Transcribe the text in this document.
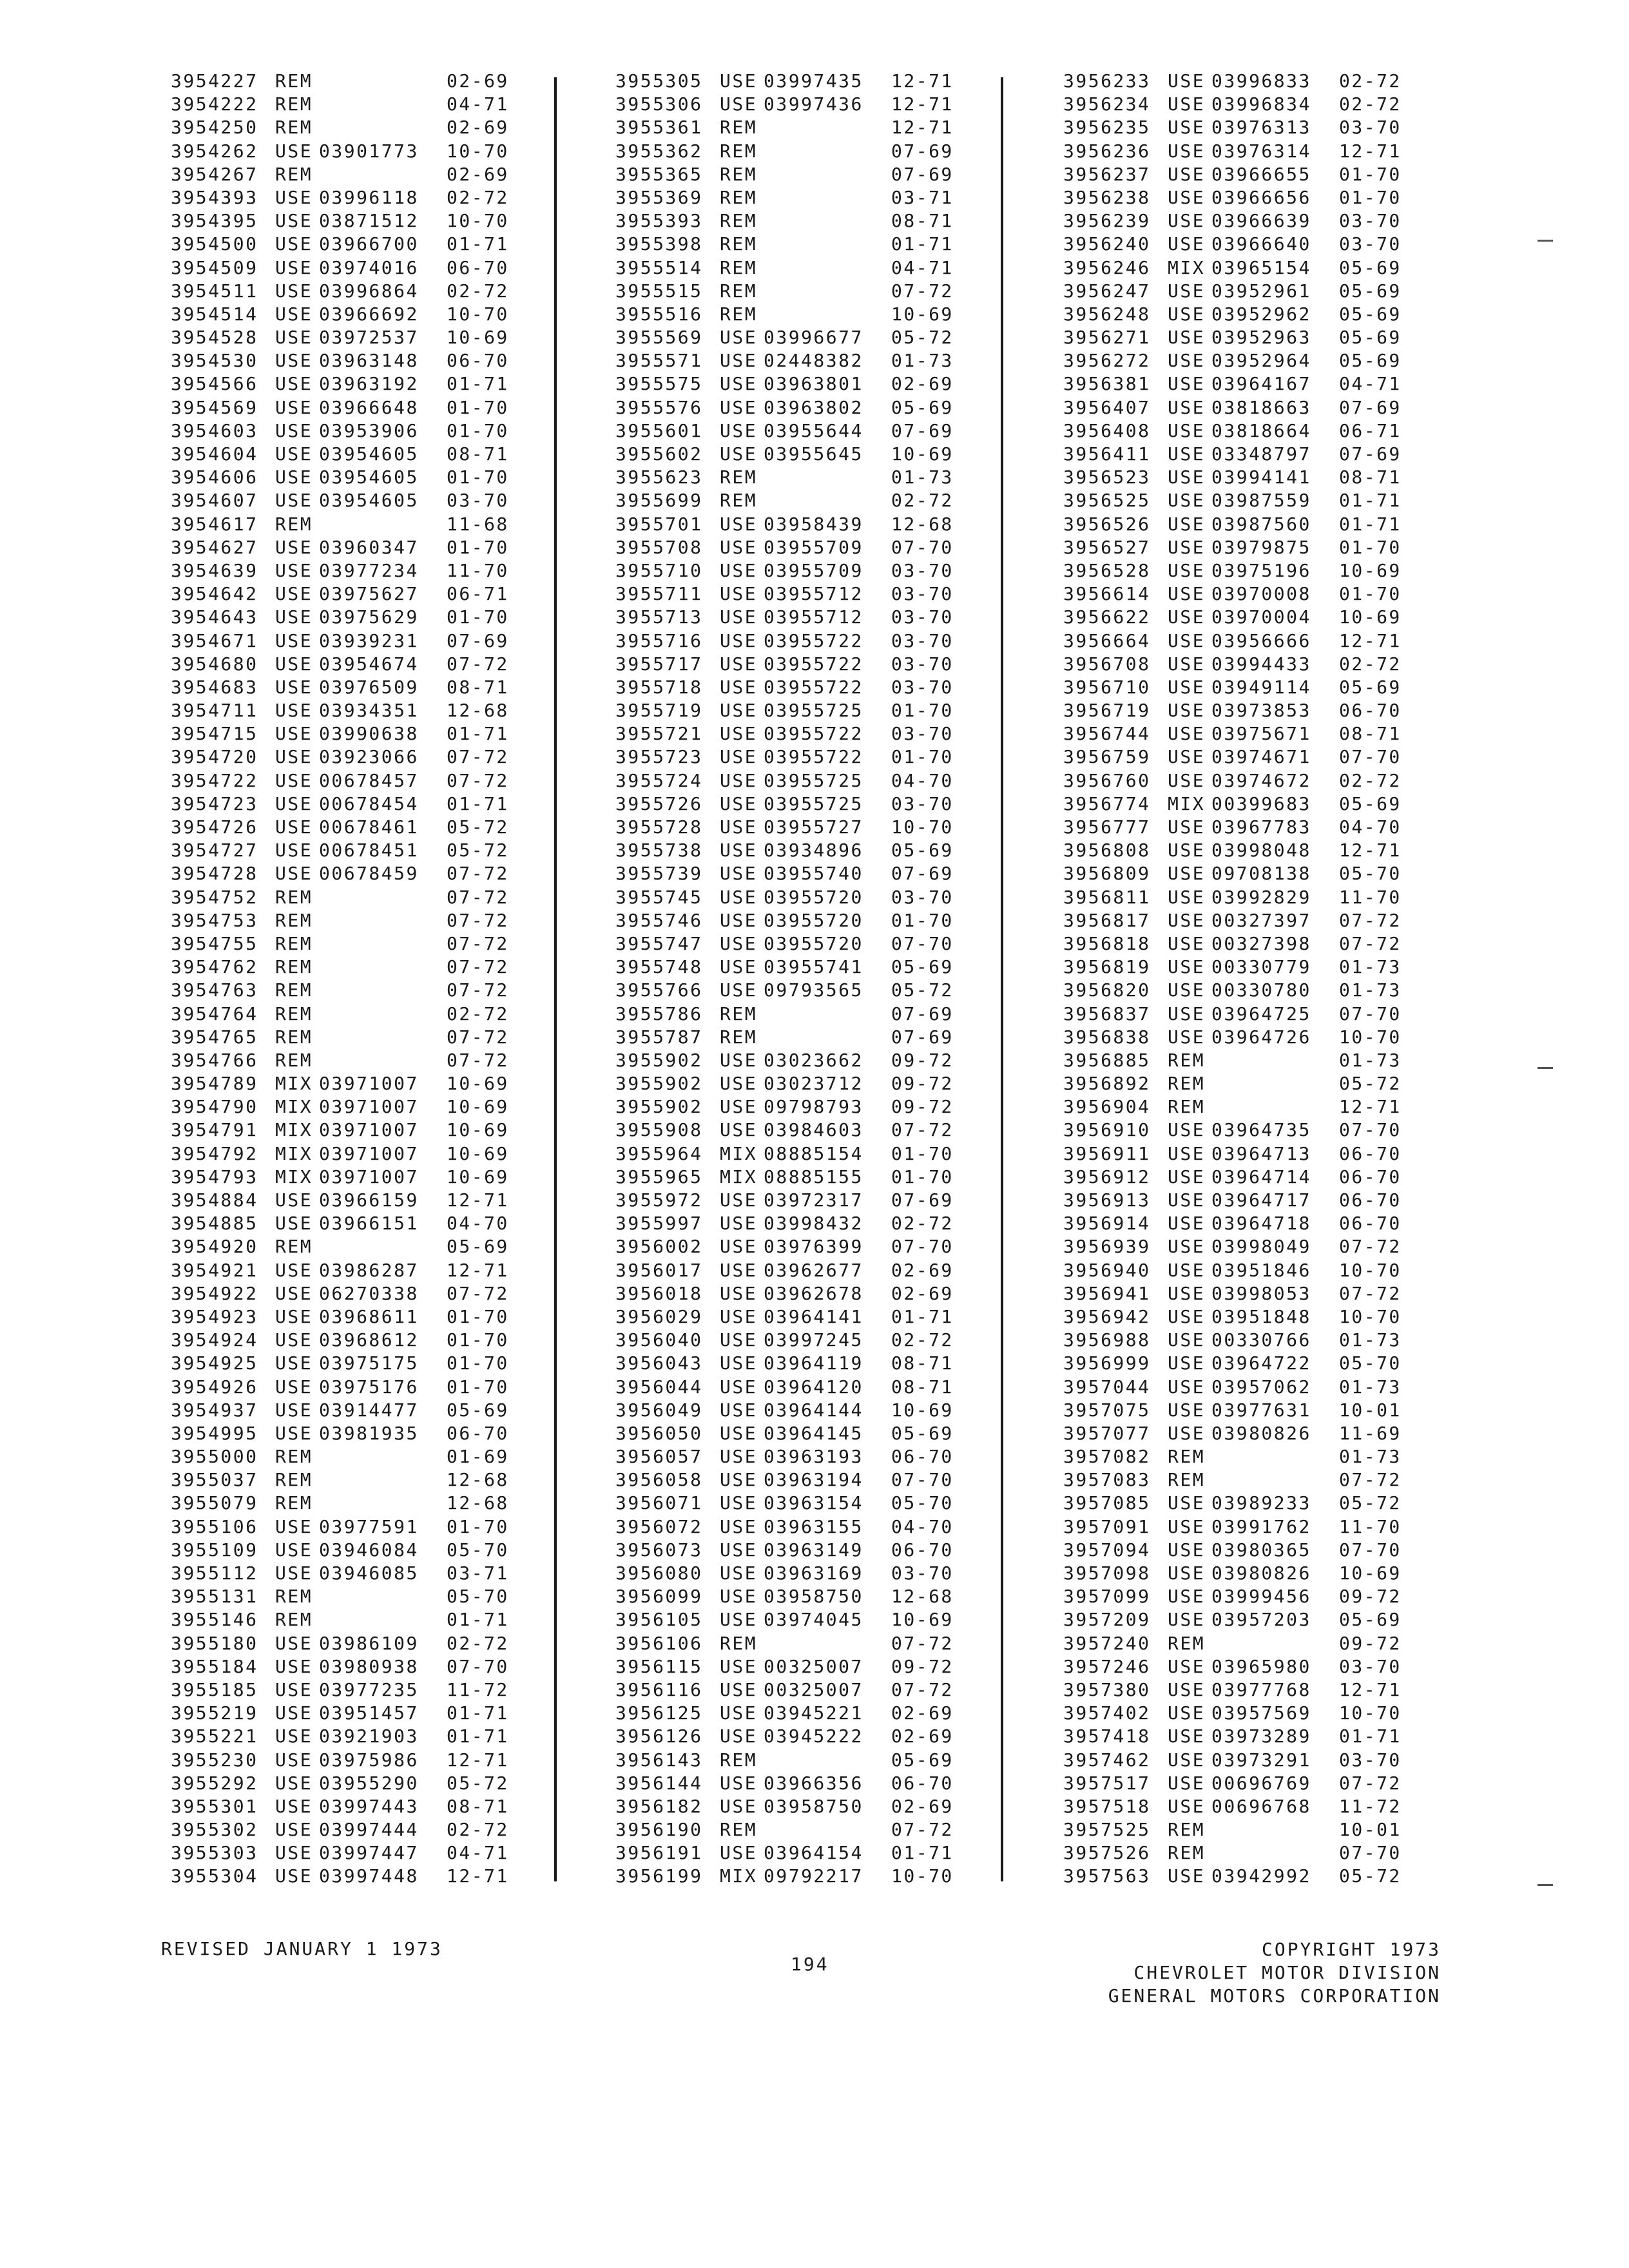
3954227 REM	02-69
3954222 REM	04-71
3954250 REM	02-69
3954262 USE 03901773 10-70
3954267 REM	02-69
3954393 USE 03996118 02-72
3954395 USE 03871512 10-70
3954500 USE 03966700 01-71
3954509 USE 03974016 06-70
3954511 USE 03996864 02-72
3954514 USE 03966692 10-70
3954528 USE 03972537 10-69
3954530 USE 03963148 06-70
3954566 USE 03963192 01-71
3954569 USE 03966648 01-70
3954603 USE 03953906 01-70
3954604 USE 03954605 08-71
3954606 USE 03954605 01-70
3954607 USE 03954605 03-70
3954617 REM	11-68
3954627 USE 03960347 01-70
3954639 USE 03977234 11-70
3954642 USE 03975627 06-71
3954643 USE 03975629 01-70
3954671 USE 03939231 07-69
3954680 USE 03954674 07-72
3954683 USE 03976509 08-71
3954711 USE 03934351 12-68
3954715 USE 03990638 01-71
3954720 USE 03923066 07-72
3954722 USE 00678457 07-72
3954723 USE 00678454 01-71
3954726 USE 00678461 05-72
3954727 USE 00678451 05-72
3954728 USE 00678459 07-72
3954752 REM	07-72
3954753 REM	07-72
3954755 REM	07-72
3954762 REM	07-72
3954763 REM	07-72
3954764 REM	02-72
3954765 REM	07-72
3954766 REM	07-72
3954789 MIX 03971007 10-69
3954790 MIX 03971007 10-69
3954791 MIX 03971007 10-69
3954792 MIX 03971007 10-69
3954793 MIX 03971007 10-69
3954884 USE 03966159 12-71
3954885 USE 03966151 04-70
3954920 REM	05-69
3954921 USE 03986287 12-71
3954922 USE 06270338 07-72
3954923 USE 03968611 01-70
3954924 USE 03968612 01-70
3954925 USE 03975175 01-70
3954926 USE 03975176 01-70
3954937 USE 03914477 05-69
3954995 USE 03981935 06-70
3955000 REM	01-69
3955037 REM	12-68
3955079 REM	12-68
3955106 USE 03977591 01-70
3955109 USE 03946084 05-70
3955112 USE 03946085 03-71
3955131 REM	05-70
3955146 REM	01-71
3955180 USE 03986109 02-72
3955184 USE 03980938 07-70
3955185 USE 03977235 11-72
3955219 USE 03951457 01-71
3955221 USE 03921903 01-71
3955230 USE 03975986 12-71
3955292 USE 03955290 05-72
3955301 USE 03997443 08-71
3955302 USE 03997444 02-72
3955303 USE 03997447 04-71
3955304 USE 03997448 12-71
3955305 USE 03997435 12-71
3955306 USE 03997436 12-71
3955361 REM	12-71
3955362 REM	07-69
3955365 REM	07-69
3955369 REM	03-71
3955393 REM	08-71
3955398 REM	01-71
3955514 REM	04-71
3955515 REM	07-72
3955516 REM	10-69
3955569 USE 03996677 05-72
3955571 USE 02448382 01-73
3955575 USE 03963801 02-69
3955576 USE 03963802 05-69
3955601 USE 03955644 07-69
3955602 USE 03955645 10-69
3955623 REM	01-73
3955699 REM	02-72
3955701 USE 03958439 12-68
3955708 USE 03955709 07-70
3955710 USE 03955709 03-70
3955711 USE 03955712 03-70
3955713 USE 03955712 03-70
3955716 USE 03955722 03-70
3955717 USE 03955722 03-70
3955718 USE 03955722 03-70
3955719 USE 03955725 01-70
3955721 USE 03955722 03-70
3955723 USE 03955722 01-70
3955724 USE 03955725 04-70
3955726 USE 03955725 03-70
3955728 USE 03955727 10-70
3955738 USE 03934896 05-69
3955739 USE 03955740 07-69
3955745 USE 03955720 03-70
3955746 USE 03955720 01-70
3955747 USE 03955720 07-70
3955748 USE 03955741 05-69
3955766 USE 09793565 05-72
3955786 REM	07-69
3955787 REM	07-69
3955902 USE 03023662 09-72
3955902 USE 03023712 09-72
3955902 USE 09798793 09-72
3955908 USE 03984603 07-72
3955964 MIX 08885154 01-70
3955965 MIX 08885155 01-70
3955972 USE 03972317 07-69
3955997 USE 03998432 02-72
3956002 USE 03976399 07-70
3956017 USE 03962677 02-69
3956018 USE 03962678 02-69
3956029 USE 03964141 01-71
3956040 USE 03997245 02-72
3956043 USE 03964119 08-71
3956044 USE 03964120 08-71
3956049 USE 03964144 10-69
3956050 USE 03964145 05-69
3956057 USE 03963193 06-70
3956058 USE 03963194 07-70
3956071 USE 03963154 05-70
3956072 USE 03963155 04-70
3956073 USE 03963149 06-70
3956080 USE 03963169 03-70
3956099 USE 03958750 12-68
3956105 USE 03974045 10-69
3956106 REM	07-72
3956115 USE 00325007 09-72
3956116 USE 00325007 07-72
3956125 USE 03945221 02-69
3956126 USE 03945222 02-69
3956143 REM	05-69
3956144 USE 03966356 06-70
3956182 USE 03958750 02-69
3956190 REM	07-72
3956191 USE 03964154 01-71
3956199 MIX 09792217 10-70
3956233 USE 03996833 02-72
3956234 USE 03996834 02-72
3956235 USE 03976313 03-70
3956236 USE 03976314 12-71
3956237 USE 03966655 01-70
3956238 USE 03966656 01-70
3956239 USE 03966639 03-70
3956240 USE 03966640 03-70
3956246 MIX 03965154 05-69
3956247 USE 03952961 05-69
3956248 USE 03952962 05-69
3956271 USE 03952963 05-69
3956272 USE 03952964 05-69
3956381 USE 03964167 04-71
3956407 USE 03818663 07-69
3956408 USE 03818664 06-71
3956411 USE 03348797 07-69
3956523 USE 03994141 08-71
3956525 USE 03987559 01-71
3956526 USE 03987560 01-71
3956527 USE 03979875 01-70
3956528 USE 03975196 10-69
3956614 USE 03970008 01-70
3956622 USE 03970004 10-69
3956664 USE 03956666 12-71
3956708 USE 03994433 02-72
3956710 USE 03949114 05-69
3956719 USE 03973853 06-70
3956744 USE 03975671 08-71
3956759 USE 03974671 07-70
3956760 USE 03974672 02-72
3956774 MIX 00399683 05-69
3956777 USE 03967783 04-70
3956808 USE 03998048 12-71
3956809 USE 09708138 05-70
3956811 USE 03992829 11-70
3956817 USE 00327397 07-72
3956818 USE 00327398 07-72
3956819 USE 00330779 01-73
3956820 USE 00330780 01-73
3956837 USE 03964725 07-70
3956838 USE 03964726 10-70
3956885 REM	01-73
3956892 REM	05-72
3956904 REM	12-71
3956910 USE 03964735 07-70
3956911 USE 03964713 06-70
3956912 USE 03964714 06-70
3956913 USE 03964717 06-70
3956914 USE 03964718 06-70
3956939 USE 03998049 07-72
3956940 USE 03951846 10-70
3956941 USE 03998053 07-72
3956942 USE 03951848 10-70
3956988 USE 00330766 01-73
3956999 USE 03964722 05-70
3957044 USE 03957062 01-73
3957075 USE 03977631 10-01
3957077 USE 03980826 11-69
3957082 REM	01-73
3957083 REM	07-72
3957085 USE 03989233 05-72
3957091 USE 03991762 11-70
3957094 USE 03980365 07-70
3957098 USE 03980826 10-69
3957099 USE 03999456 09-72
3957209 USE 03957203 05-69
3957240 REM	09-72
3957246 USE 03965980 03-70
3957380 USE 03977768 12-71
3957402 USE 03957569 10-70
3957418 USE 03973289 01-71
3957462 USE 03973291 03-70
3957517 USE 00696769 07-72
3957518 USE 00696768 11-72
3957525 REM	10-01
3957526 REM	07-70
3957563 USE 03942992 05-72
REVISED JANUARY 1 1973
194
COPYRIGHT 1973
CHEVROLET MOTOR DIVISION
GENERAL MOTORS CORPORATION
